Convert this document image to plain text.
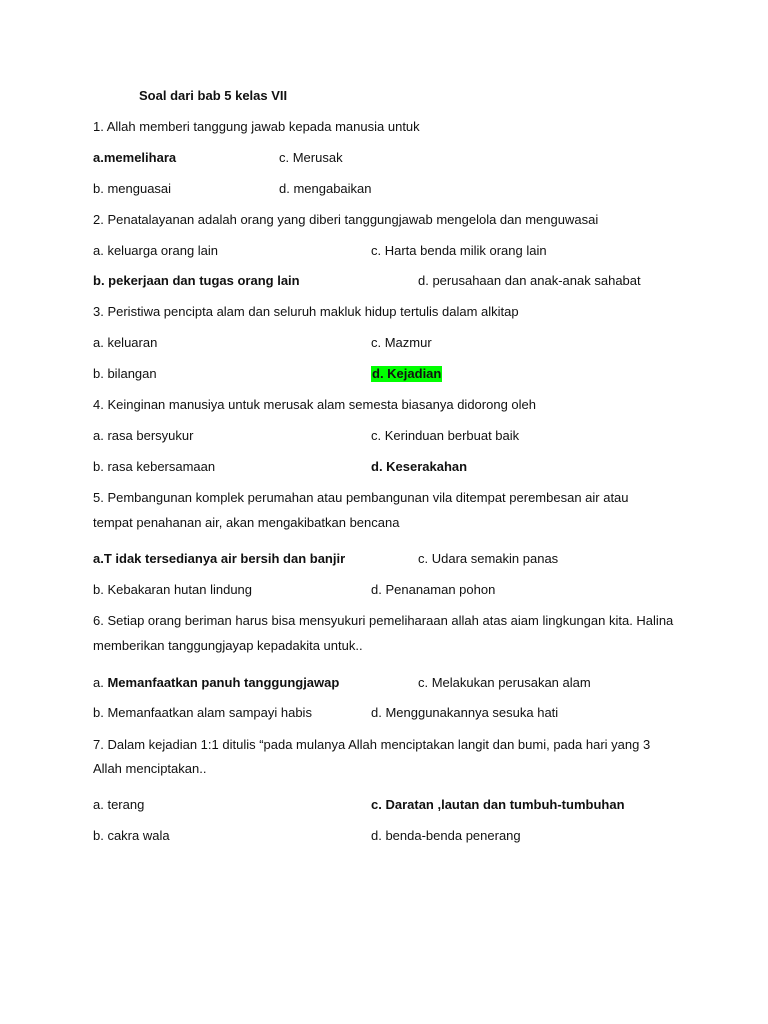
Soal dari bab 5 kelas VII
1. Allah memberi tanggung jawab kepada manusia untuk
a.memelihara	c. Merusak
b. menguasai	d. mengabaikan
2. Penatalayanan adalah orang yang diberi tanggungjawab mengelola dan menguwasai
a. keluarga orang lain	c. Harta benda milik orang lain
b. pekerjaan dan tugas orang lain	d. perusahaan dan anak-anak sahabat
3. Peristiwa pencipta alam dan seluruh makluk hidup tertulis dalam alkitap
a. keluaran	c. Mazmur
b. bilangan	d. Kejadian
4. Keinginan manusiya untuk merusak alam semesta biasanya didorong oleh
a. rasa bersyukur	c. Kerinduan berbuat baik
b. rasa kebersamaan	d. Keserakahan
5. Pembangunan komplek perumahan atau pembangunan vila ditempat perembesan air atau
tempat penahanan air, akan mengakibatkan bencana
a.T idak tersedianya air bersih dan banjir	c. Udara semakin panas
b. Kebakaran hutan lindung	d. Penanaman pohon
6. Setiap orang beriman harus bisa mensyukuri pemeliharaan allah atas aiam lingkungan kita. Halina
memberikan tanggungjayap kepadakita untuk..
a. Memanfaatkan panuh tanggungjawap	c. Melakukan perusakan alam
b. Memanfaatkan alam sampayi habis	d. Menggunakannya sesuka hati
7. Dalam kejadian 1:1 ditulis “pada mulanya Allah menciptakan langit dan bumi, pada hari yang 3
Allah menciptakan..
a. terang	c. Daratan ,lautan dan tumbuh-tumbuhan
b. cakra wala	d. benda-benda penerang
